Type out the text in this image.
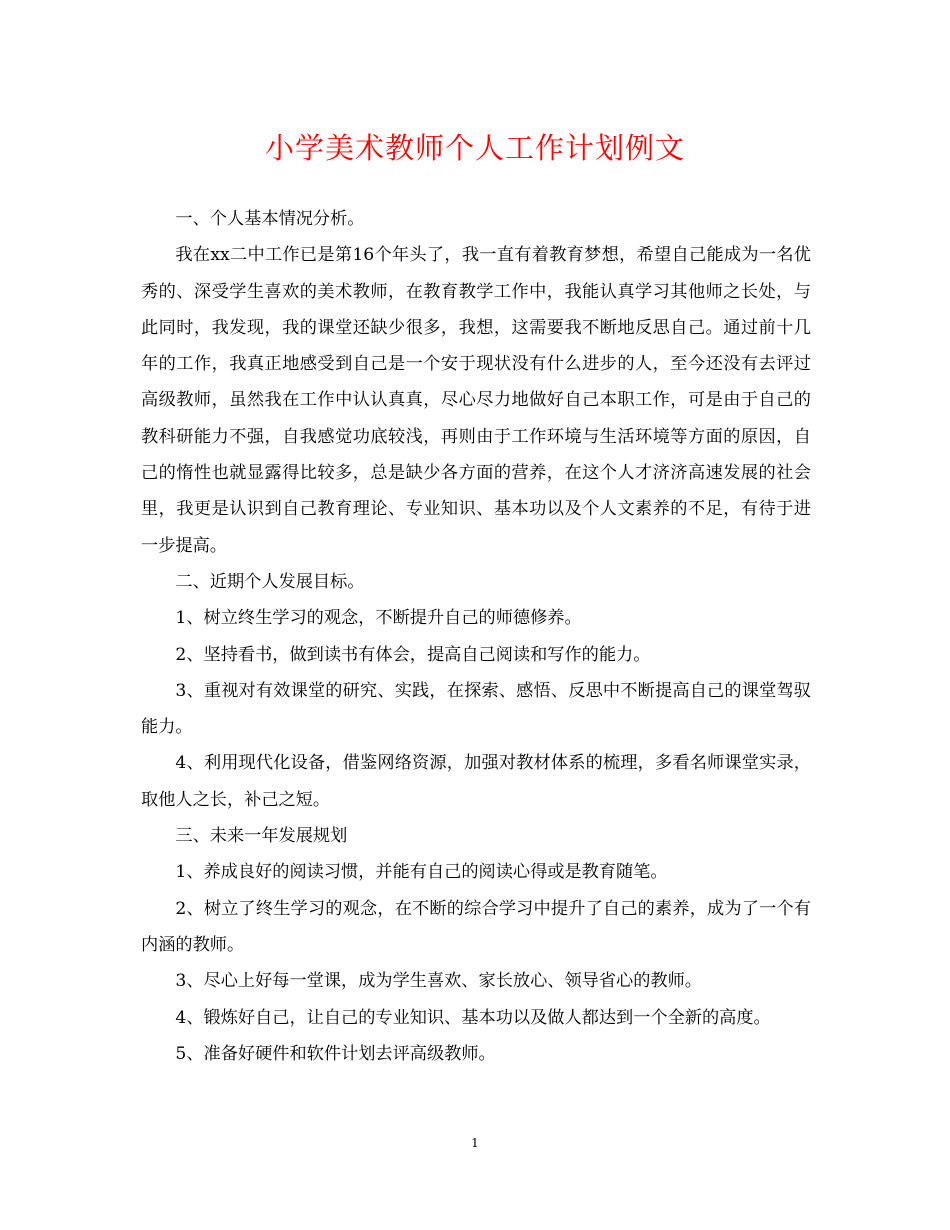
小学美术教师个人工作计划例文

一、个人基本情况分析。

我在xx二中工作已是第16个年头了，我一直有着教育梦想，希望自己能成为一名优秀的、深受学生喜欢的美术教师，在教育教学工作中，我能认真学习其他师之长处，与此同时，我发现，我的课堂还缺少很多，我想，这需要我不断地反思自己。通过前十几年的工作，我真正地感受到自己是一个安于现状没有什么进步的人，至今还没有去评过高级教师，虽然我在工作中认认真真，尽心尽力地做好自己本职工作，可是由于自己的教科研能力不强，自我感觉功底较浅，再则由于工作环境与生活环境等方面的原因，自己的惰性也就显露得比较多，总是缺少各方面的营养，在这个人才济济高速发展的社会里，我更是认识到自己教育理论、专业知识、基本功以及个人文素养的不足，有待于进一步提高。

二、近期个人发展目标。

1、树立终生学习的观念，不断提升自己的师德修养。

2、坚持看书，做到读书有体会，提高自己阅读和写作的能力。

3、重视对有效课堂的研究、实践，在探索、感悟、反思中不断提高自己的课堂驾驭能力。

4、利用现代化设备，借鉴网络资源，加强对教材体系的梳理，多看名师课堂实录，取他人之长，补己之短。

三、未来一年发展规划

1、养成良好的阅读习惯，并能有自己的阅读心得或是教育随笔。

2、树立了终生学习的观念，在不断的综合学习中提升了自己的素养，成为了一个有内涵的教师。

3、尽心上好每一堂课，成为学生喜欢、家长放心、领导省心的教师。

4、锻炼好自己，让自己的专业知识、基本功以及做人都达到一个全新的高度。

5、准备好硬件和软件计划去评高级教师。

1
